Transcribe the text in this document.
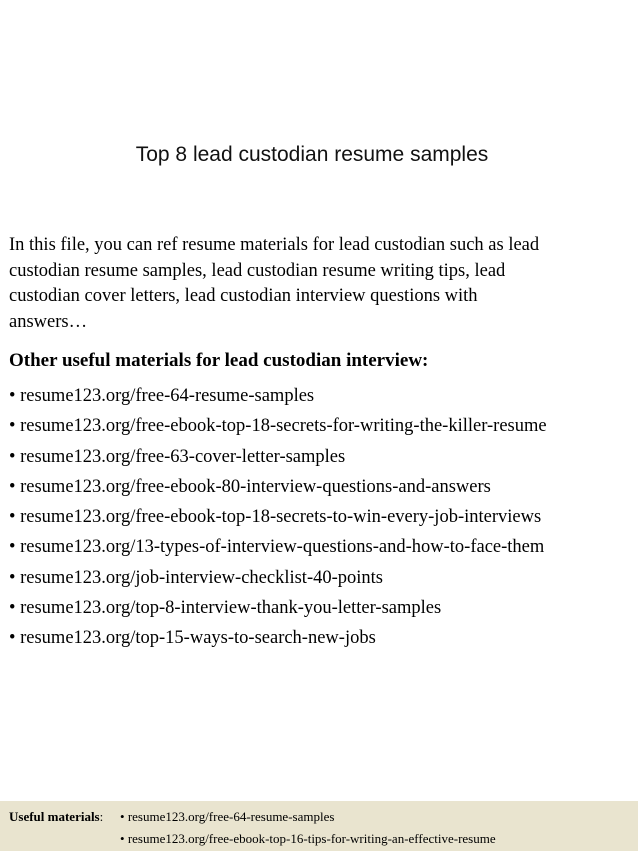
Top 8 lead custodian resume samples

In this file, you can ref resume materials for lead custodian such as lead
custodian resume samples, lead custodian resume writing tips, lead
custodian cover letters, lead custodian interview questions with
answers…

Other useful materials for lead custodian interview:

• resume123.org/free-64-resume-samples
• resume123.org/free-ebook-top-18-secrets-for-writing-the-killer-resume
• resume123.org/free-63-cover-letter-samples
• resume123.org/free-ebook-80-interview-questions-and-answers
• resume123.org/free-ebook-top-18-secrets-to-win-every-job-interviews
• resume123.org/13-types-of-interview-questions-and-how-to-face-them
• resume123.org/job-interview-checklist-40-points
• resume123.org/top-8-interview-thank-you-letter-samples
• resume123.org/top-15-ways-to-search-new-jobs
Useful materials:
•	resume123.org/free-64-resume-samples
• resume123.org/free-ebook-top-16-tips-for-writing-an-effective-resume
